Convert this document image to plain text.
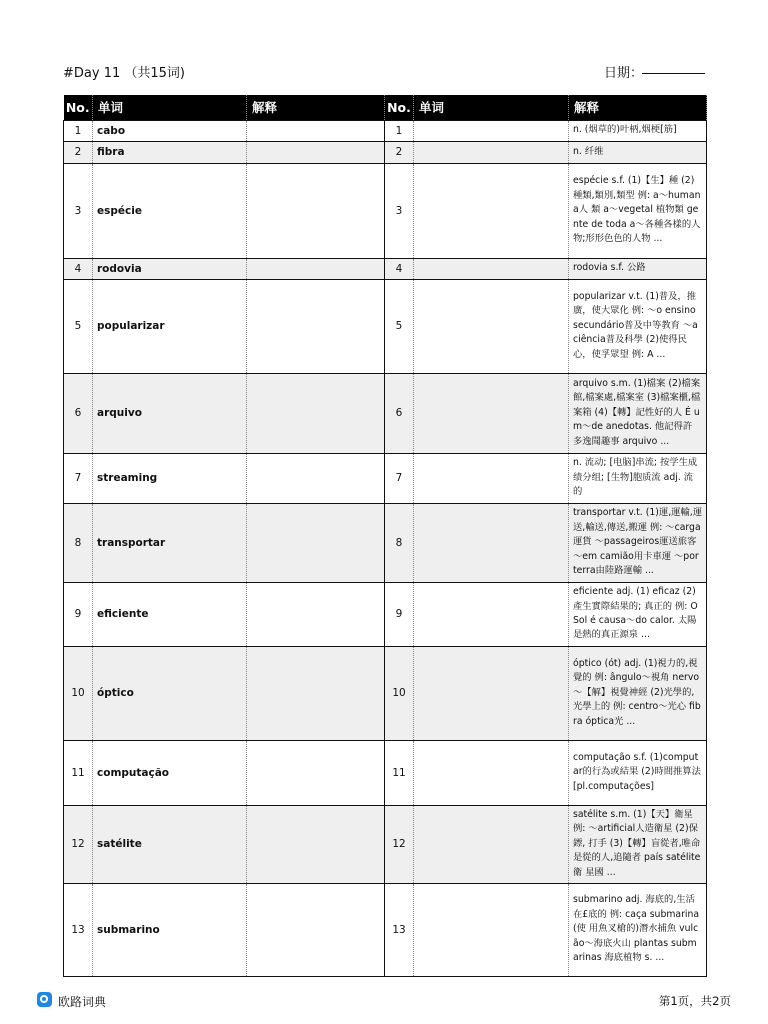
#Day 11 （共15词)	日期：
No.	单词	解释	No.	单词	解释
1	cabo		1		n. (烟草的)叶柄,烟梗[筋]
2	fibra		2		n. 纤维
3	espécie		3		espécie s.f. (1)【生】種 (2)種類,類別,類型 例: a～humana人 類 a～vegetal 植物類 gente de toda a～各種各樣的人 物;形形色色的人物 ...
4	rodovia		4		rodovia s.f. 公路
5	popularizar		5		popularizar v.t. (1)普及，推廣，使大眾化 例: ～o ensino secundário普及中等教育 ～a ciência普及科學 (2)使得民 心，使孚眾望 例: A ...
6	arquivo		6		arquivo s.m. (1)檔案 (2)檔案館,檔案處,檔案室 (3)檔案櫃,檔案箱 (4)【轉】記性好的人 É um～de anedotas. 他記得許 多逸聞趣事 arquivo ...
7	streaming		7		n. 流动; [电脑]串流; 按学生成绩分组; [生物]胞质流 adj. 流的
8	transportar		8		transportar v.t. (1)運,運輸,運送,輸送,傳送,搬運 例: ～carga運貨 ～passageiros運送旅客 ～em camião用卡車運 ～por terra由陸路運輸 ...
9	eficiente		9		eficiente adj. (1) eficaz (2) 產生實際結果的; 真正的 例: O Sol é causa～do calor. 太陽是熱的真正源泉 ...
10	óptico		10		óptico (ót) adj. (1)視力的,視覺的 例: ângulo～視角 nervo ～【解】視覺神經 (2)光學的,光學上的 例: centro～光心 fibra óptica光 ...
11	computação		11		computação s.f. (1)computar的行為或結果 (2)時間推算法 [pl.computações]
12	satélite		12		satélite s.m. (1)【天】衛星 例: ～artificial人造衛星 (2)保鏢, 打手 (3)【轉】盲從者,唯命是從的人,追隨者 país satélite衛 星國 ...
13	submarino		13		submarino adj. 海底的,生活在£底的 例: caça submarina (使 用魚叉槍的)潛水捕魚 vulcão～海底火山 plantas submarinas 海底植物 s. ...
欧路词典	第1页，共2页
